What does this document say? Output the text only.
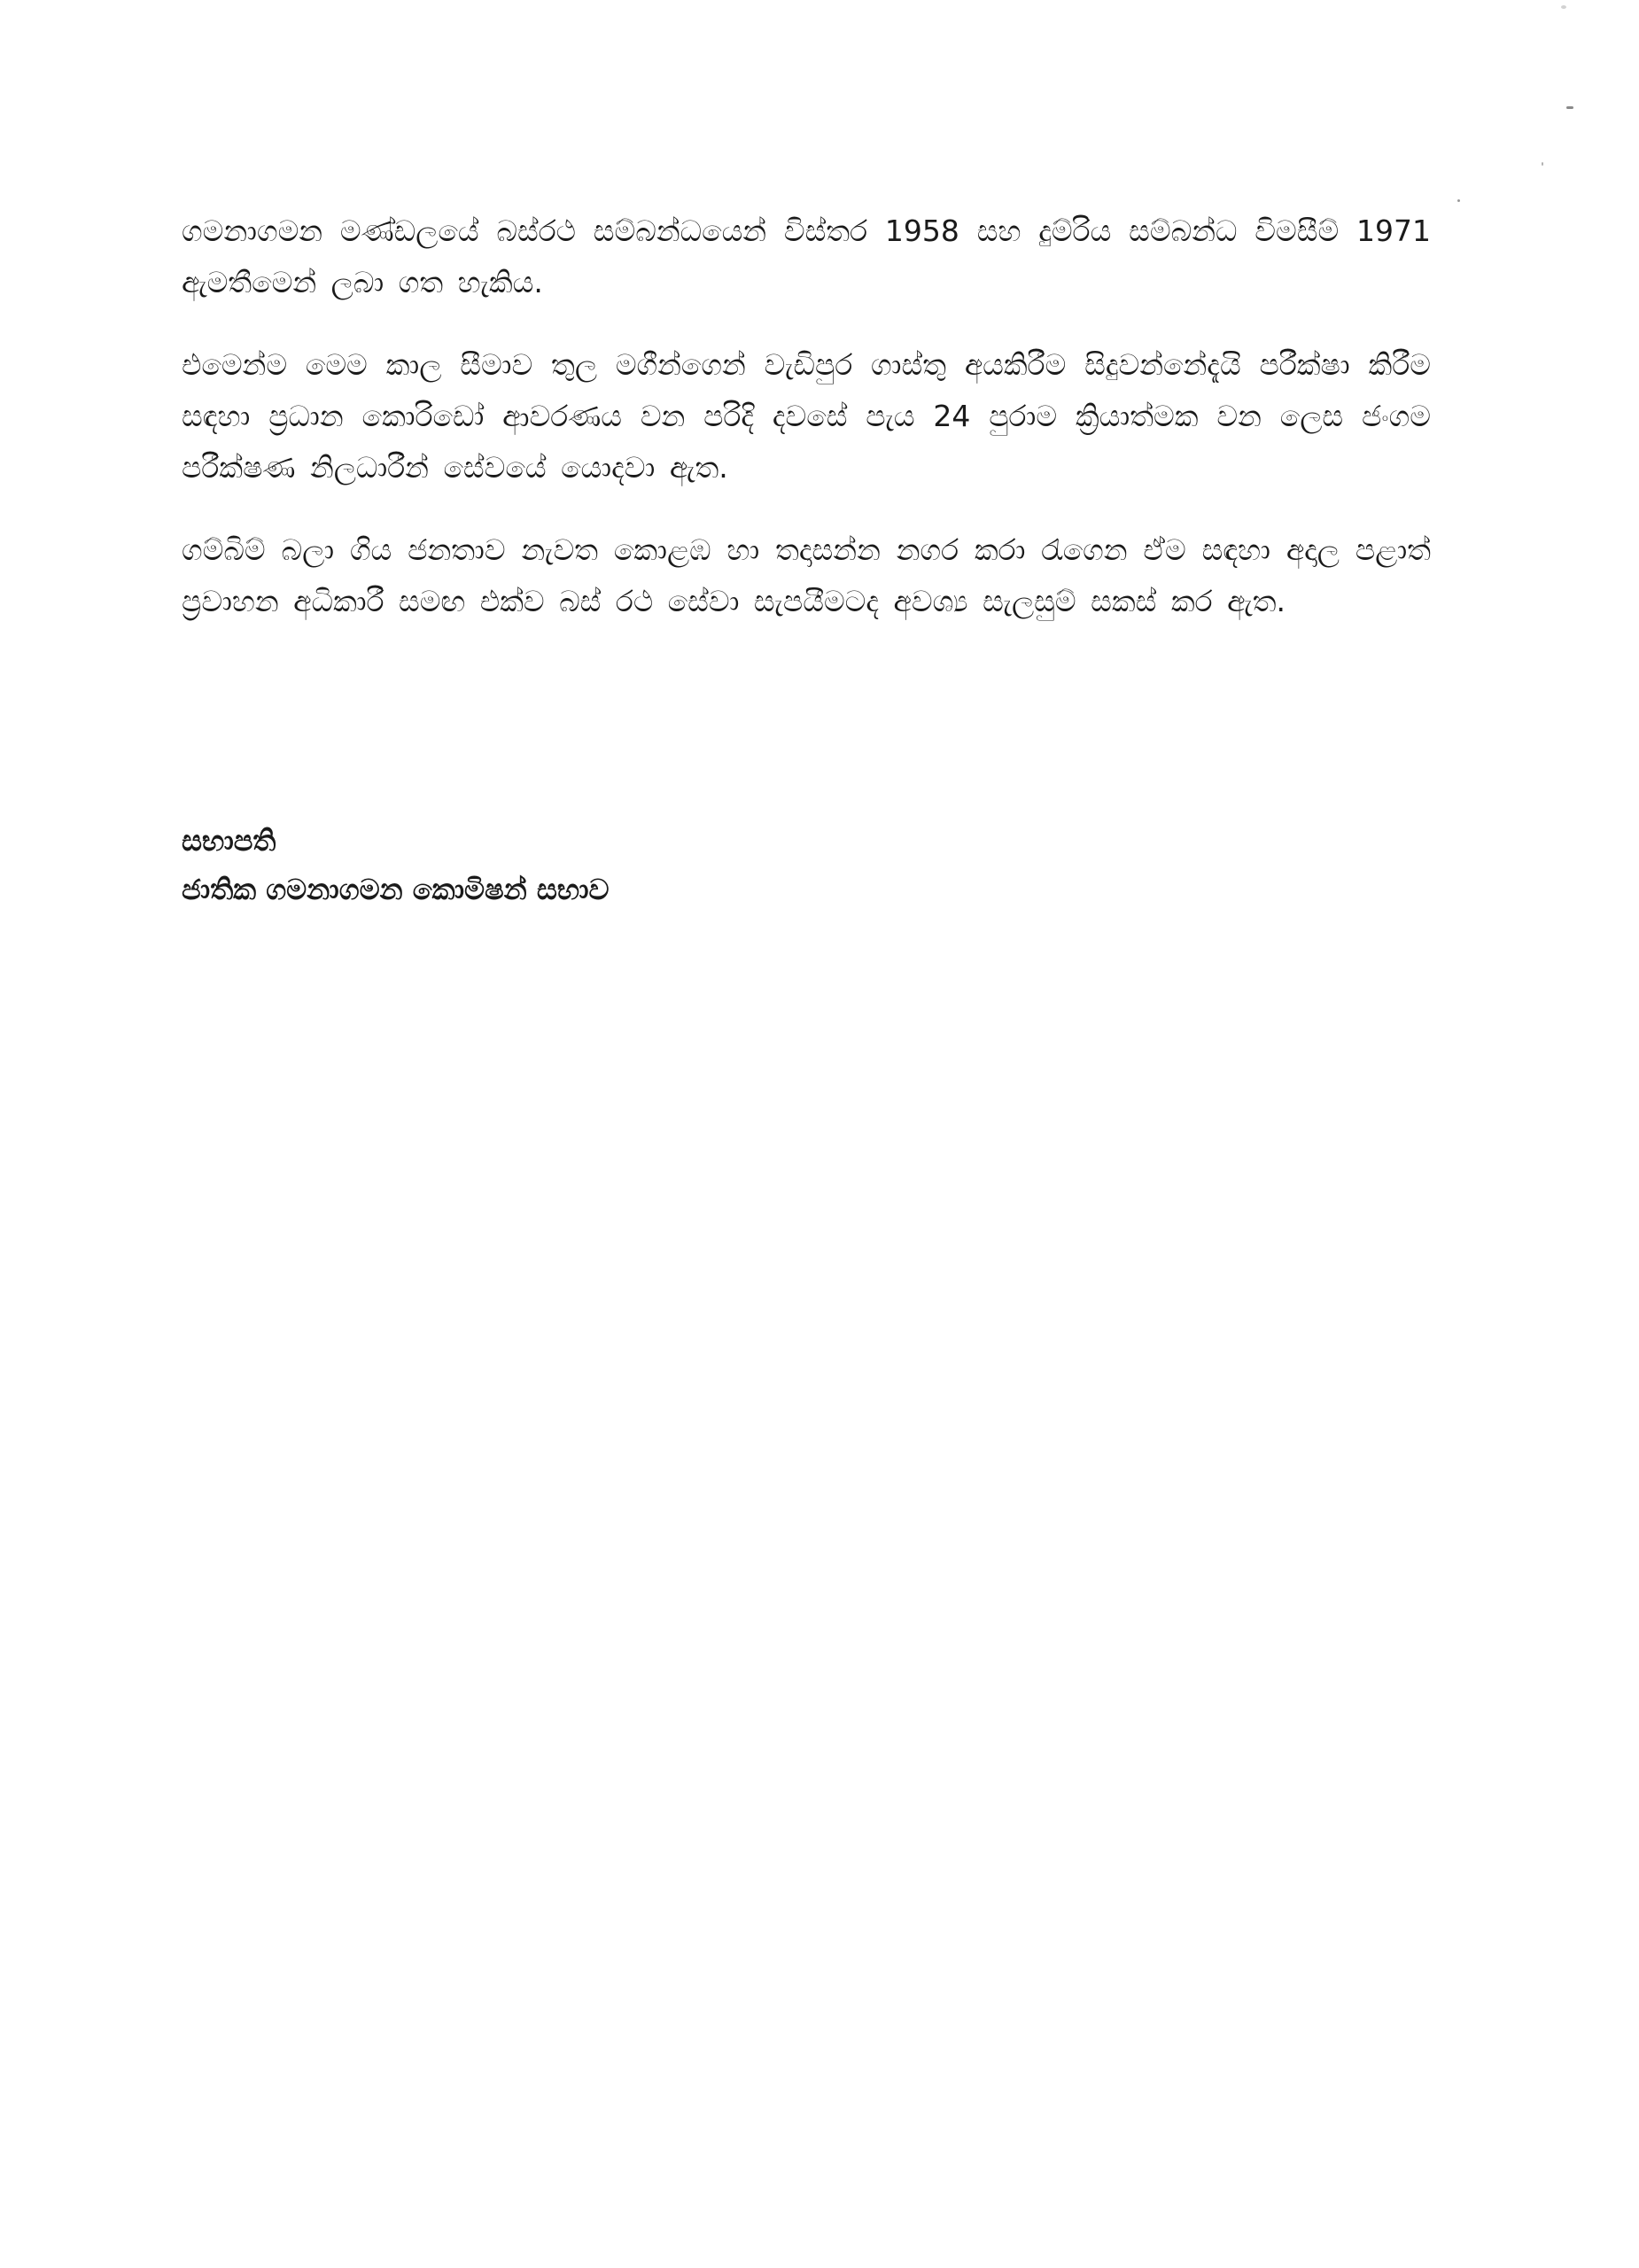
ගමනාගමන මණ්ඩලයේ බස්රථ සම්බන්ධයෙන් විස්තර 1958 සහ දුම්රිය සම්බන්ධ විමසීම් 1971 ඇමතීමෙන් ලබා ගත හැකිය.

එමෙන්ම මෙම කාල සීමාව තුල මගීන්ගෙන් වැඩිපුර ගාස්තු අයකිරීම සිදුවන්නේදැයි පරීක්ෂා කිරීම සඳහා ප්‍රධාන කොරිඩෝ ආවරණය වන පරිදි දවසේ පැය 24 පුරාම ක්‍රියාත්මක වන ලෙස ජංගම පරීක්ෂණ නිලධාරීන් සේවයේ යොදවා ඇත.

ගම්බිම් බලා ගිය ජනතාව නැවත කොළඹ හා තදාසන්න නගර කරා රැගෙන ඒම සඳහා අදාල පළාත් ප්‍රවාහන අධිකාරී සමඟ එක්ව බස් රථ සේවා සැපයීමටද අවශ්‍ය සැලසුම් සකස් කර ඇත.

සභාපති

ජාතික ගමනාගමන කොමිෂන් සභාව
